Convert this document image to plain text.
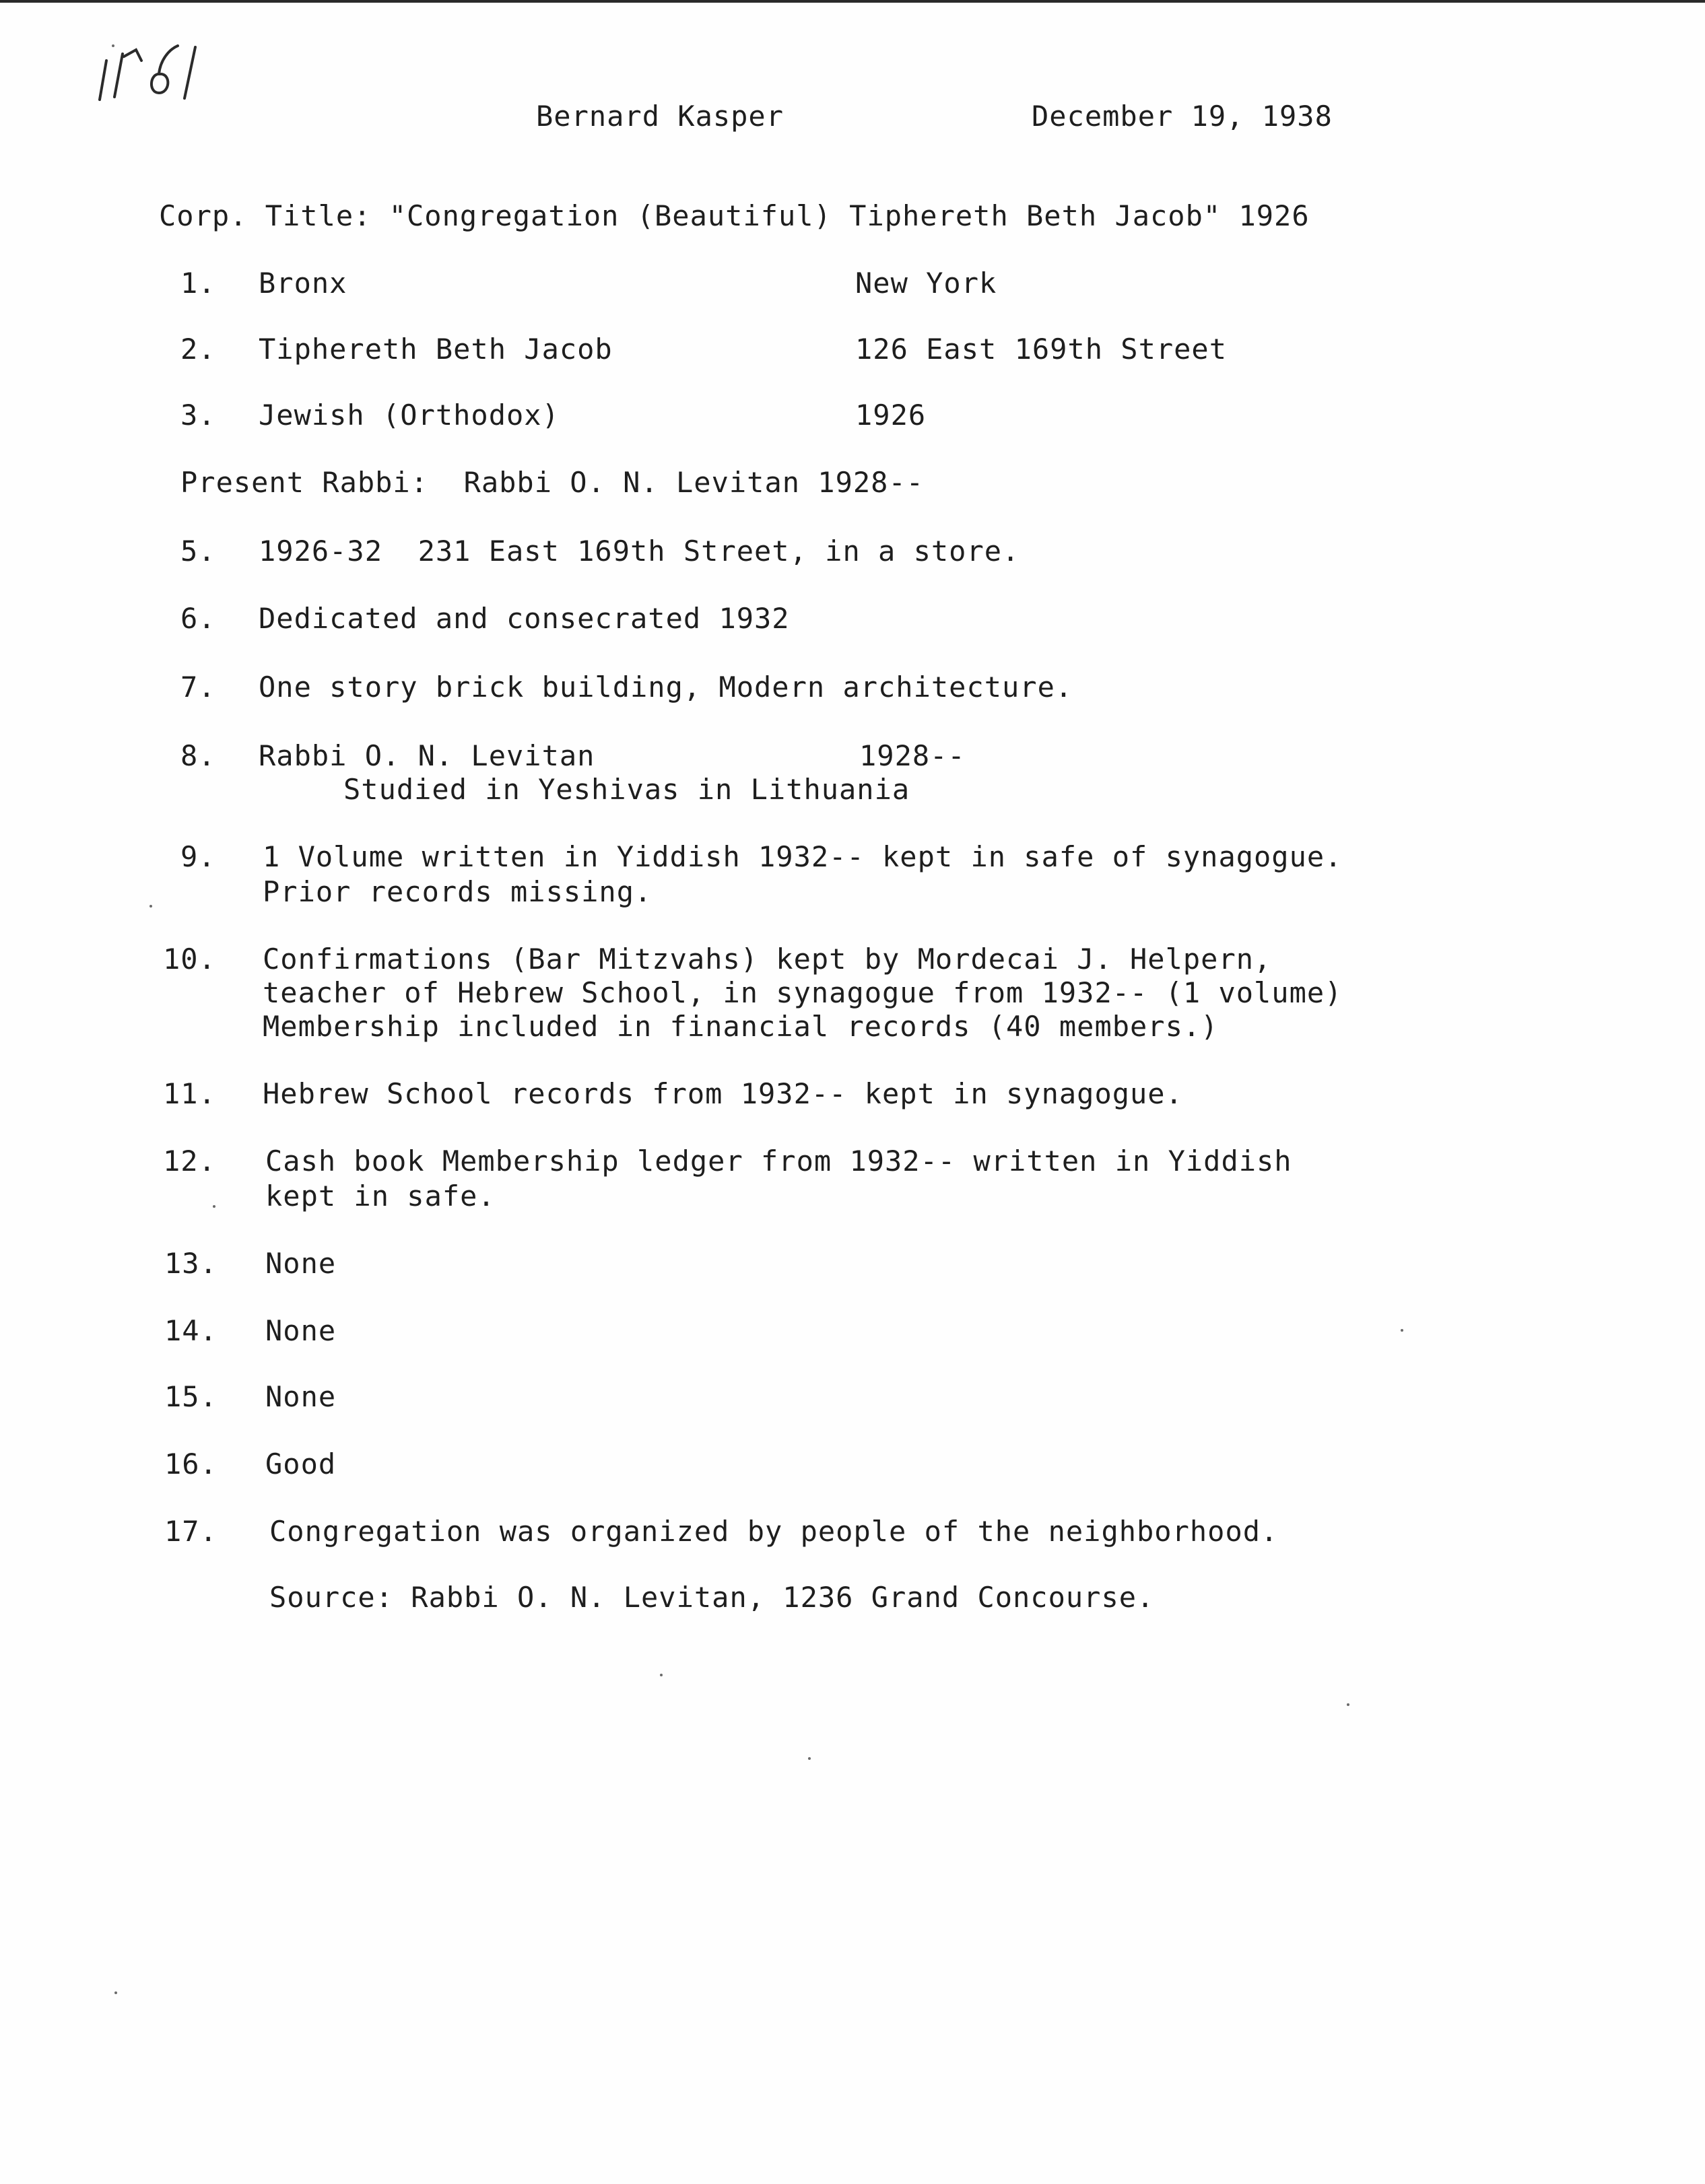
Bernard Kasper	December 19, 1938
Corp. Title: "Congregation (Beautiful) Tiphereth Beth Jacob" 1926
1. Bronx	New York
2. Tiphereth Beth Jacob	126 East 169th Street
3. Jewish (Orthodox)	1926
Present Rabbi:  Rabbi O. N. Levitan 1928--
5. 1926-32  231 East 169th Street, in a store.
6. Dedicated and consecrated 1932
7. One story brick building, Modern architecture.
8. Rabbi O. N. Levitan	1928--
Studied in Yeshivas in Lithuania
9. 1 Volume written in Yiddish 1932-- kept in safe of synagogue.
Prior records missing.
10. Confirmations (Bar Mitzvahs) kept by Mordecai J. Helpern,
teacher of Hebrew School, in synagogue from 1932-- (1 volume)
Membership included in financial records (40 members.)
11. Hebrew School records from 1932-- kept in synagogue.
12. Cash book Membership ledger from 1932-- written in Yiddish
kept in safe.
13. None
14. None
15. None
16. Good
17. Congregation was organized by people of the neighborhood.
Source: Rabbi O. N. Levitan, 1236 Grand Concourse.
